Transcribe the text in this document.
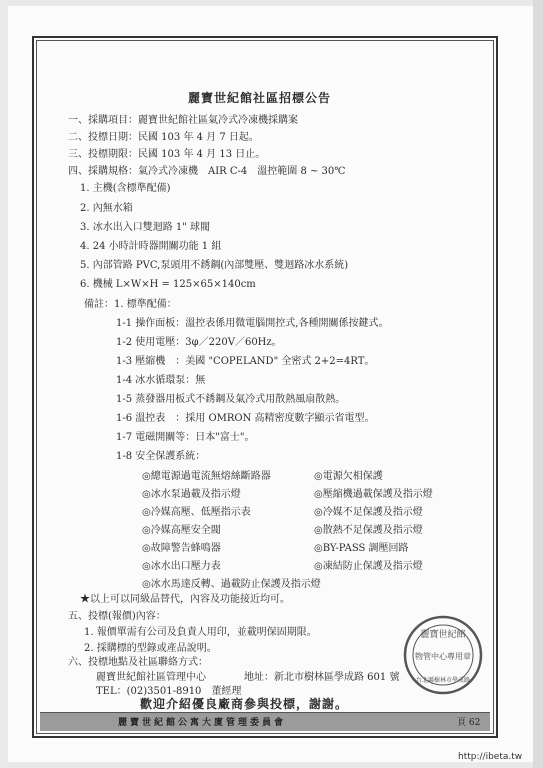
麗寶世紀館社區招標公告
一、採購項目：麗寶世紀館社區氣冷式冷凍機採購案
二、投標日期：民國 103 年 4 月 7 日起。
三、投標期限：民國 103 年 4 月 13 日止。
四、採購規格：氣冷式冷凍機　AIR C-4　溫控範圍 8 ~ 30℃
1. 主機(含標準配備)
2. 內無水箱
3. 冰水出入口雙迴路 1" 球閥
4. 24 小時計時器開關功能 1 組
5. 內部管路 PVC,泵頭用不銹鋼(內部雙壓、雙迴路冰水系統)
6. 機械 L×W×H = 125×65×140cm
備註：1. 標準配備：
1-1 操作面板：溫控表係用微電腦開控式,各種開關係按鍵式。
1-2 使用電壓：3φ／220V／60Hz。
1-3 壓縮機　：美國 "COPELAND" 全密式 2+2=4RT。
1-4 冰水循環泵：無
1-5 蒸發器用板式不銹鋼及氣冷式用散熱風扇散熱。
1-6 溫控表　：採用 OMRON 高精密度數字顯示省電型。
1-7 電磁開關等：日本"富士"。
1-8 安全保護系統：
◎總電源過電流無熔絲斷路器
◎冰水泵過載及指示燈
◎冷媒高壓、低壓指示表
◎冷媒高壓安全閥
◎故障警告蜂鳴器
◎冰水出口壓力表
◎冰水馬達反轉、過載防止保護及指示燈
◎電源欠相保護
◎壓縮機過載保護及指示燈
◎冷媒不足保護及指示燈
◎散熱不足保護及指示燈
◎BY-PASS 調壓回路
◎凍結防止保護及指示燈
★以上可以同級品替代，內容及功能接近均可。
五、投標(報價)內容：
1. 報價單需有公司及負責人用印，並載明保固期限。
2. 採購標的型錄或產品說明。
六、投標地點及社區聯絡方式：
麗寶世紀館社區管理中心	地址：新北市樹林區學成路 601 號
麗寶世紀館公寓大廈管理委員會	頁 62
http://ibeta.tw
TEL：(02)3501-8910　董經理
歡迎介紹優良廠商參與投標，謝謝。
麗寶世紀館
物管中心專用章
台北縣樹林市學成路
